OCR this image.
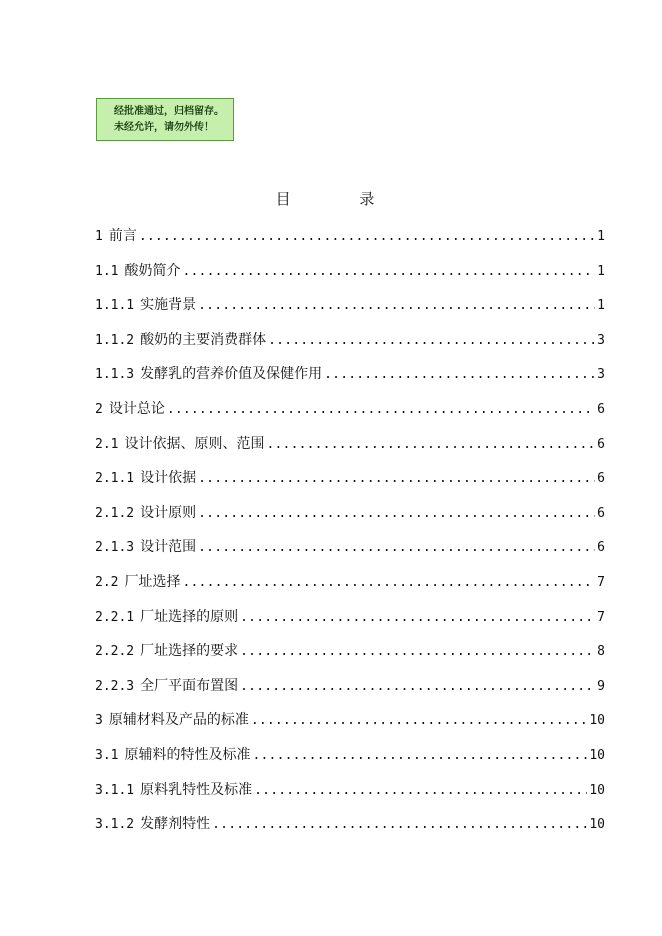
经批准通过，归档留存。
未经允许，请勿外传！
目 录
1 前言 .....	1
1.1 酸奶简介 .....	1
1.1.1 实施背景 .....	1
1.1.2 酸奶的主要消费群体 .....	3
1.1.3 发酵乳的营养价值及保健作用 .....	3
2 设计总论 .....	6
2.1 设计依据、原则、范围 .....	6
2.1.1 设计依据 .....	6
2.1.2 设计原则 .....	6
2.1.3 设计范围 .....	6
2.2 厂址选择 .....	7
2.2.1 厂址选择的原则 .....	7
2.2.2 厂址选择的要求 .....	8
2.2.3 全厂平面布置图 .....	9
3 原辅材料及产品的标准 .....	10
3.1 原辅料的特性及标准 .....	10
3.1.1 原料乳特性及标准 .....	10
3.1.2 发酵剂特性 .....	10
